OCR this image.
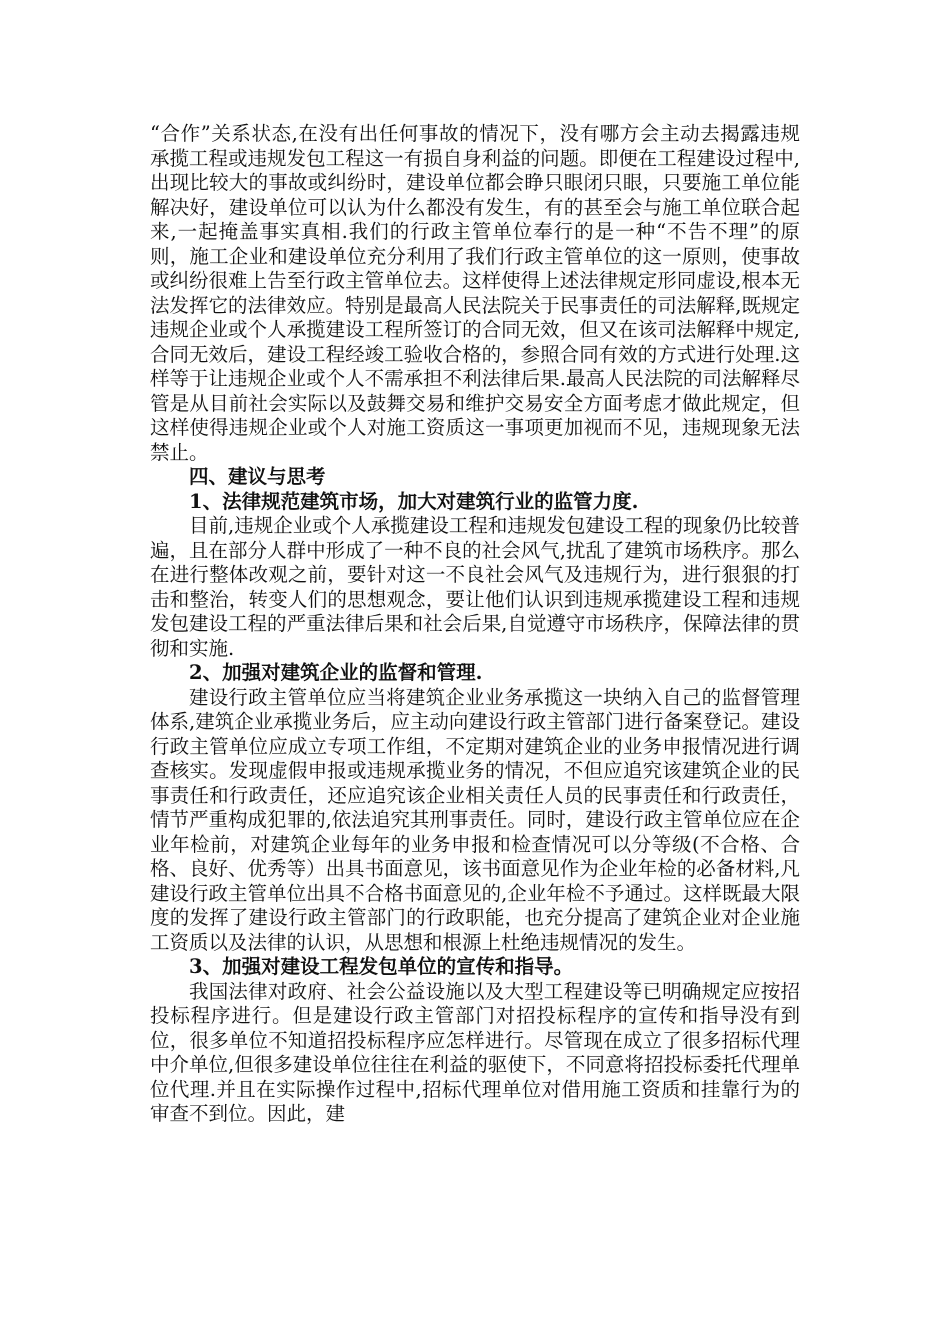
“合作”关系状态,在没有出任何事故的情况下，没有哪方会主动去揭露违规承揽工程或违规发包工程这一有损自身利益的问题。即便在工程建设过程中,出现比较大的事故或纠纷时，建设单位都会睁只眼闭只眼，只要施工单位能解决好，建设单位可以认为什么都没有发生，有的甚至会与施工单位联合起来,一起掩盖事实真相.我们的行政主管单位奉行的是一种“不告不理”的原则，施工企业和建设单位充分利用了我们行政主管单位的这一原则，使事故或纠纷很难上告至行政主管单位去。这样使得上述法律规定形同虚设,根本无法发挥它的法律效应。特别是最高人民法院关于民事责任的司法解释,既规定违规企业或个人承揽建设工程所签订的合同无效，但又在该司法解释中规定,合同无效后，建设工程经竣工验收合格的，参照合同有效的方式进行处理.这样等于让违规企业或个人不需承担不利法律后果.最高人民法院的司法解释尽管是从目前社会实际以及鼓舞交易和维护交易安全方面考虑才做此规定，但这样使得违规企业或个人对施工资质这一事项更加视而不见，违规现象无法禁止。

四、建议与思考

1、法律规范建筑市场，加大对建筑行业的监管力度.

目前,违规企业或个人承揽建设工程和违规发包建设工程的现象仍比较普遍，且在部分人群中形成了一种不良的社会风气,扰乱了建筑市场秩序。那么在进行整体改观之前，要针对这一不良社会风气及违规行为，进行狠狠的打击和整治，转变人们的思想观念，要让他们认识到违规承揽建设工程和违规发包建设工程的严重法律后果和社会后果,自觉遵守市场秩序，保障法律的贯彻和实施.

2、加强对建筑企业的监督和管理.

建设行政主管单位应当将建筑企业业务承揽这一块纳入自己的监督管理体系,建筑企业承揽业务后，应主动向建设行政主管部门进行备案登记。建设行政主管单位应成立专项工作组，不定期对建筑企业的业务申报情况进行调查核实。发现虚假申报或违规承揽业务的情况，不但应追究该建筑企业的民事责任和行政责任，还应追究该企业相关责任人员的民事责任和行政责任，情节严重构成犯罪的,依法追究其刑事责任。同时，建设行政主管单位应在企业年检前，对建筑企业每年的业务申报和检查情况可以分等级(不合格、合格、良好、优秀等）出具书面意见，该书面意见作为企业年检的必备材料,凡建设行政主管单位出具不合格书面意见的,企业年检不予通过。这样既最大限度的发挥了建设行政主管部门的行政职能，也充分提高了建筑企业对企业施工资质以及法律的认识，从思想和根源上杜绝违规情况的发生。

3、加强对建设工程发包单位的宣传和指导。

我国法律对政府、社会公益设施以及大型工程建设等已明确规定应按招投标程序进行。但是建设行政主管部门对招投标程序的宣传和指导没有到位，很多单位不知道招投标程序应怎样进行。尽管现在成立了很多招标代理中介单位,但很多建设单位往往在利益的驱使下，不同意将招投标委托代理单位代理.并且在实际操作过程中,招标代理单位对借用施工资质和挂靠行为的审查不到位。因此，建
